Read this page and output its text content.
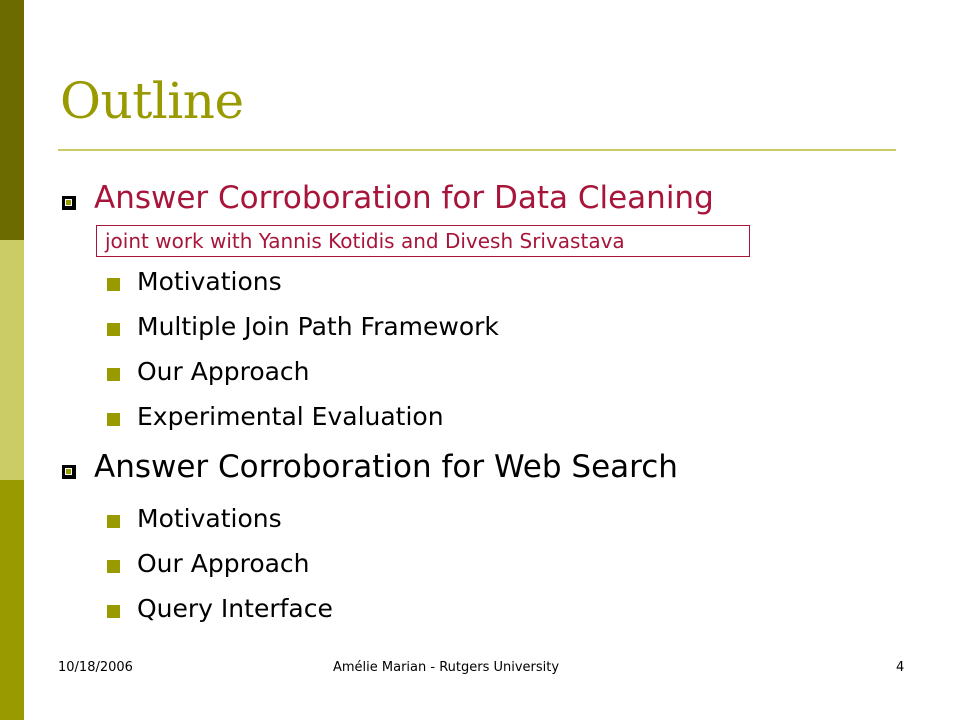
Outline
Answer Corroboration for Data Cleaning
joint work with Yannis Kotidis and Divesh Srivastava
Motivations
Multiple Join Path Framework
Our Approach
Experimental Evaluation
Answer Corroboration for Web Search
Motivations
Our Approach
Query Interface
10/18/2006	Amélie Marian - Rutgers University	4
